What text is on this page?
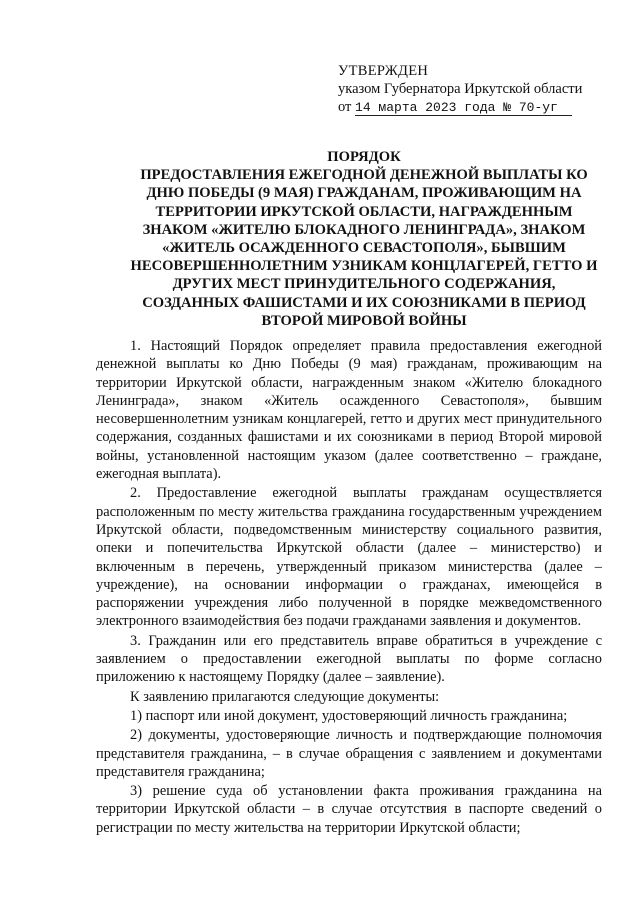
УТВЕРЖДЕН
указом Губернатора Иркутской области
от 14 марта 2023 года № 70-уг
ПОРЯДОК
ПРЕДОСТАВЛЕНИЯ ЕЖЕГОДНОЙ ДЕНЕЖНОЙ ВЫПЛАТЫ КО
ДНЮ ПОБЕДЫ (9 МАЯ) ГРАЖДАНАМ, ПРОЖИВАЮЩИМ НА
ТЕРРИТОРИИ ИРКУТСКОЙ ОБЛАСТИ, НАГРАЖДЕННЫМ
ЗНАКОМ «ЖИТЕЛЮ БЛОКАДНОГО ЛЕНИНГРАДА», ЗНАКОМ
«ЖИТЕЛЬ ОСАЖДЕННОГО СЕВАСТОПОЛЯ», БЫВШИМ
НЕСОВЕРШЕННОЛЕТНИМ УЗНИКАМ КОНЦЛАГЕРЕЙ, ГЕТТО И
ДРУГИХ МЕСТ ПРИНУДИТЕЛЬНОГО СОДЕРЖАНИЯ,
СОЗДАННЫХ ФАШИСТАМИ И ИХ СОЮЗНИКАМИ В ПЕРИОД
ВТОРОЙ МИРОВОЙ ВОЙНЫ

1. Настоящий Порядок определяет правила предоставления ежегодной денежной выплаты ко Дню Победы (9 мая) гражданам, проживающим на территории Иркутской области, награжденным знаком «Жителю блокадного Ленинграда», знаком «Житель осажденного Севастополя», бывшим несовершеннолетним узникам концлагерей, гетто и других мест принудительного содержания, созданных фашистами и их союзниками в период Второй мировой войны, установленной настоящим указом (далее соответственно – граждане, ежегодная выплата).

2. Предоставление ежегодной выплаты гражданам осуществляется расположенным по месту жительства гражданина государственным учреждением Иркутской области, подведомственным министерству социального развития, опеки и попечительства Иркутской области (далее – министерство) и включенным в перечень, утвержденный приказом министерства (далее – учреждение), на основании информации о гражданах, имеющейся в распоряжении учреждения либо полученной в порядке межведомственного электронного взаимодействия без подачи гражданами заявления и документов.

3. Гражданин или его представитель вправе обратиться в учреждение с заявлением о предоставлении ежегодной выплаты по форме согласно приложению к настоящему Порядку (далее – заявление).

К заявлению прилагаются следующие документы:

1) паспорт или иной документ, удостоверяющий личность гражданина;

2) документы, удостоверяющие личность и подтверждающие полномочия представителя гражданина, – в случае обращения с заявлением и документами представителя гражданина;

3) решение суда об установлении факта проживания гражданина на территории Иркутской области – в случае отсутствия в паспорте сведений о регистрации по месту жительства на территории Иркутской области;
